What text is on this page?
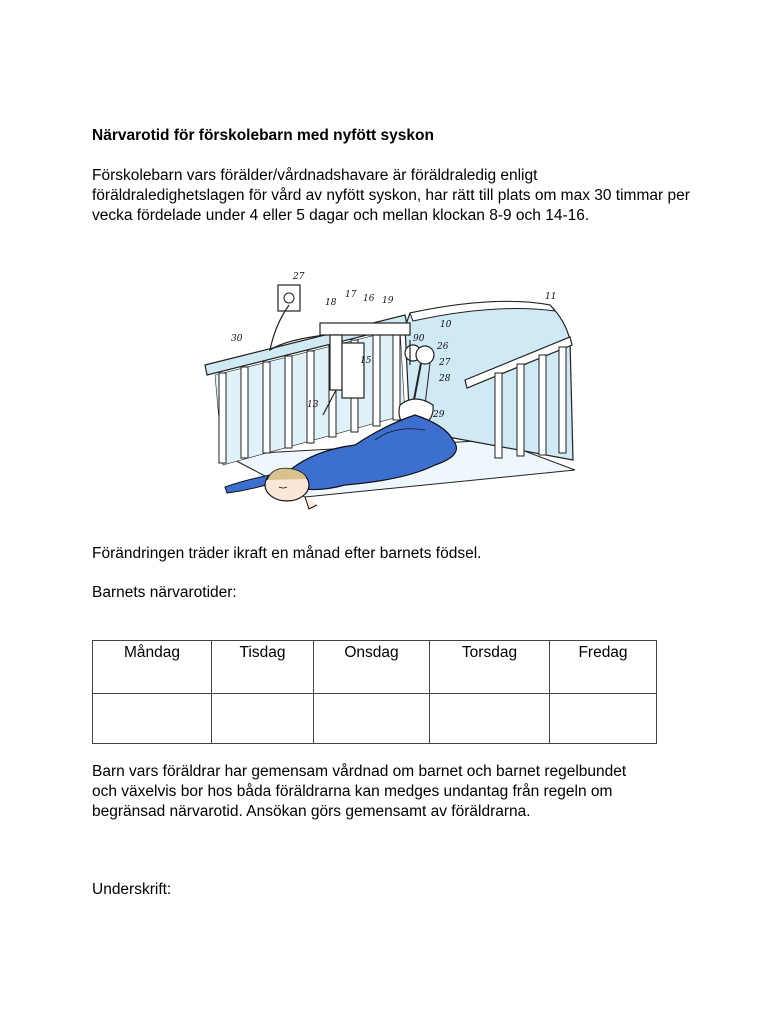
Närvarotid för förskolebarn med nyfött syskon

Förskolebarn vars förälder/vårdnadshavare är föräldraledig enligt föräldraledighetslagen för vård av nyfött syskon, har rätt till plats om max 30 timmar per vecka fördelade under 4 eller 5 dagar och mellan klockan 8-9 och 14-16.

27
18
17 16 19	11
30
10
90
26
15	27
28
13
29

Förändringen träder ikraft en månad efter barnets födsel.

Barnets närvarotider:

Måndag	Tisdag	Onsdag	Torsdag	Fredag

Barn vars föräldrar har gemensam vårdnad om barnet och barnet regelbundet och växelvis bor hos båda föräldrarna kan medges undantag från regeln om begränsad närvarotid. Ansökan görs gemensamt av föräldrarna.

Underskrift:
